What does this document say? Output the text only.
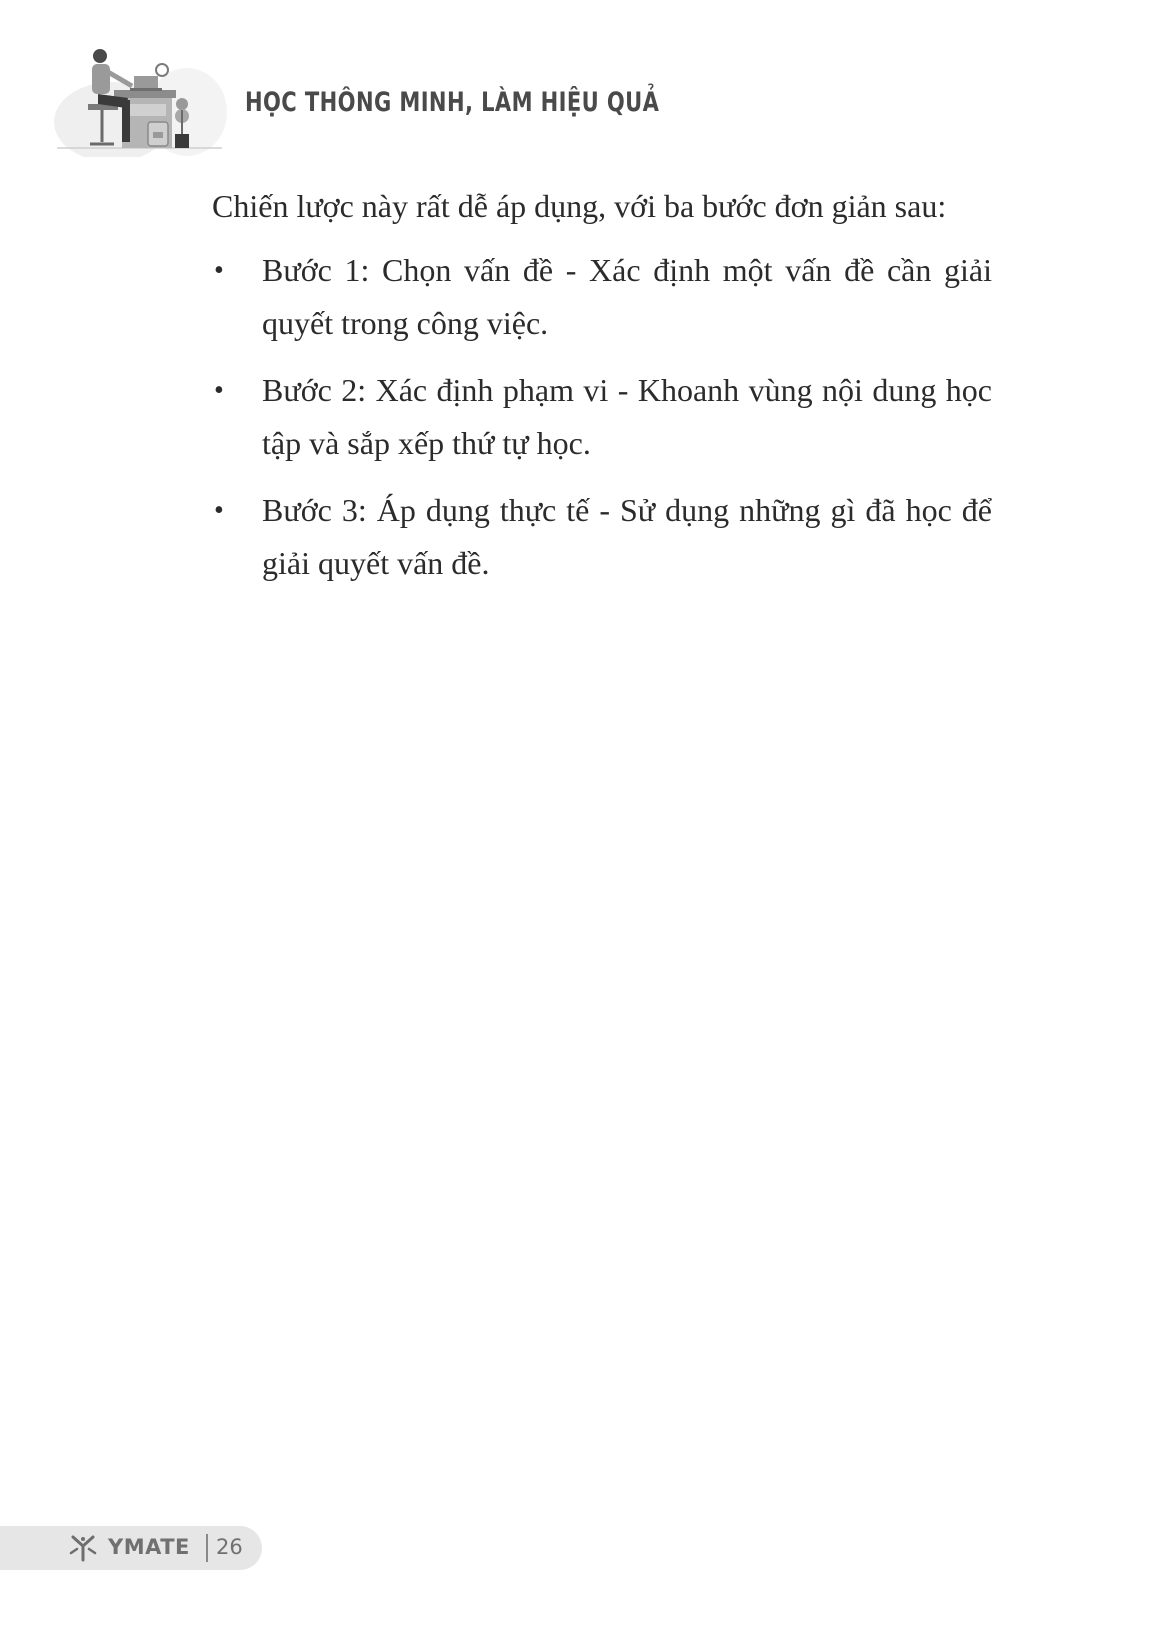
HỌC THÔNG MINH, LÀM HIỆU QUẢ

Chiến lược này rất dễ áp dụng, với ba bước đơn giản sau:

• Bước 1: Chọn vấn đề - Xác định một vấn đề cần giải quyết trong công việc.
• Bước 2: Xác định phạm vi - Khoanh vùng nội dung học tập và sắp xếp thứ tự học.
• Bước 3: Áp dụng thực tế - Sử dụng những gì đã học để giải quyết vấn đề.
YMATE 26
